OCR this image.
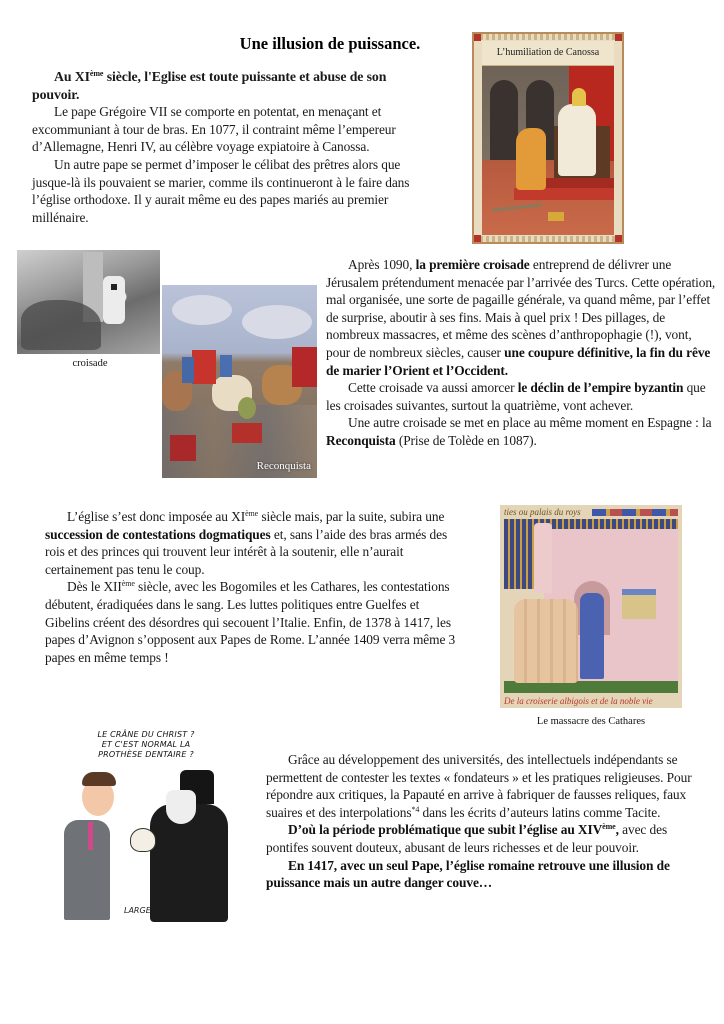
Une illusion de puissance.

Au XIème siècle, l'Eglise est toute puissante et abuse de son pouvoir.

Le pape Grégoire VII se comporte en potentat, en menaçant et excommuniant à tour de bras. En 1077, il contraint même l’empereur d’Allemagne, Henri IV, au célèbre voyage expiatoire à Canossa.

Un autre pape se permet d’imposer le célibat des prêtres alors que jusque-là ils pouvaient se marier, comme ils continueront à le faire dans l’église orthodoxe. Il y aurait même eu des papes mariés au premier millénaire.

L’humiliation de Canossa
croisade
Reconquista

Après 1090, la première croisade entreprend de délivrer une Jérusalem prétendument menacée par l’arrivée des Turcs. Cette opération, mal organisée, une sorte de pagaille générale, va quand même, par l’effet de surprise, aboutir à ses fins. Mais à quel prix ! Des pillages, de nombreux massacres, et même des scènes d’anthropophagie (!), vont, pour de nombreux siècles, causer une coupure définitive, la fin du rêve de marier l’Orient et l’Occident.

Cette croisade va aussi amorcer le déclin de l’empire byzantin que les croisades suivantes, surtout la quatrième, vont achever.

Une autre croisade se met en place au même moment en Espagne : la Reconquista (Prise de Tolède en 1087).

L’église s’est donc imposée au XIème siècle mais, par la suite, subira une succession de contestations dogmatiques et, sans l’aide des bras armés des rois et des princes qui trouvent leur intérêt à la soutenir, elle n’aurait certainement pas tenu le coup.

Dès le XIIème siècle, avec les Bogomiles et les Cathares, les contestations débutent, éradiquées dans le sang. Les luttes politiques entre Guelfes et Gibelins créent des désordres qui secouent l’Italie. Enfin, de 1378 à 1417, les papes d’Avignon s’opposent aux Papes de Rome. L’année 1409 verra même 3 papes en même temps !

ties ou palais du roys
De la croiserie albigois et de la noble vie
Le massacre des Cathares
LE CRÂNE DU CHRIST ?
ET C'EST NORMAL LA
PROTHÈSE DENTAIRE ?
LARGE

Grâce au développement des universités, des intellectuels indépendants se permettent de contester les textes « fondateurs » et les pratiques religieuses. Pour répondre aux critiques, la Papauté en arrive à fabriquer de fausses reliques, faux suaires et des interpolations$^{*4}$ dans les écrits d’auteurs latins comme Tacite.

D’où la période problématique que subit l’église au XIVème, avec des pontifes souvent douteux, abusant de leurs richesses et de leur pouvoir.

En 1417, avec un seul Pape, l’église romaine retrouve une illusion de puissance mais un autre danger couve…
